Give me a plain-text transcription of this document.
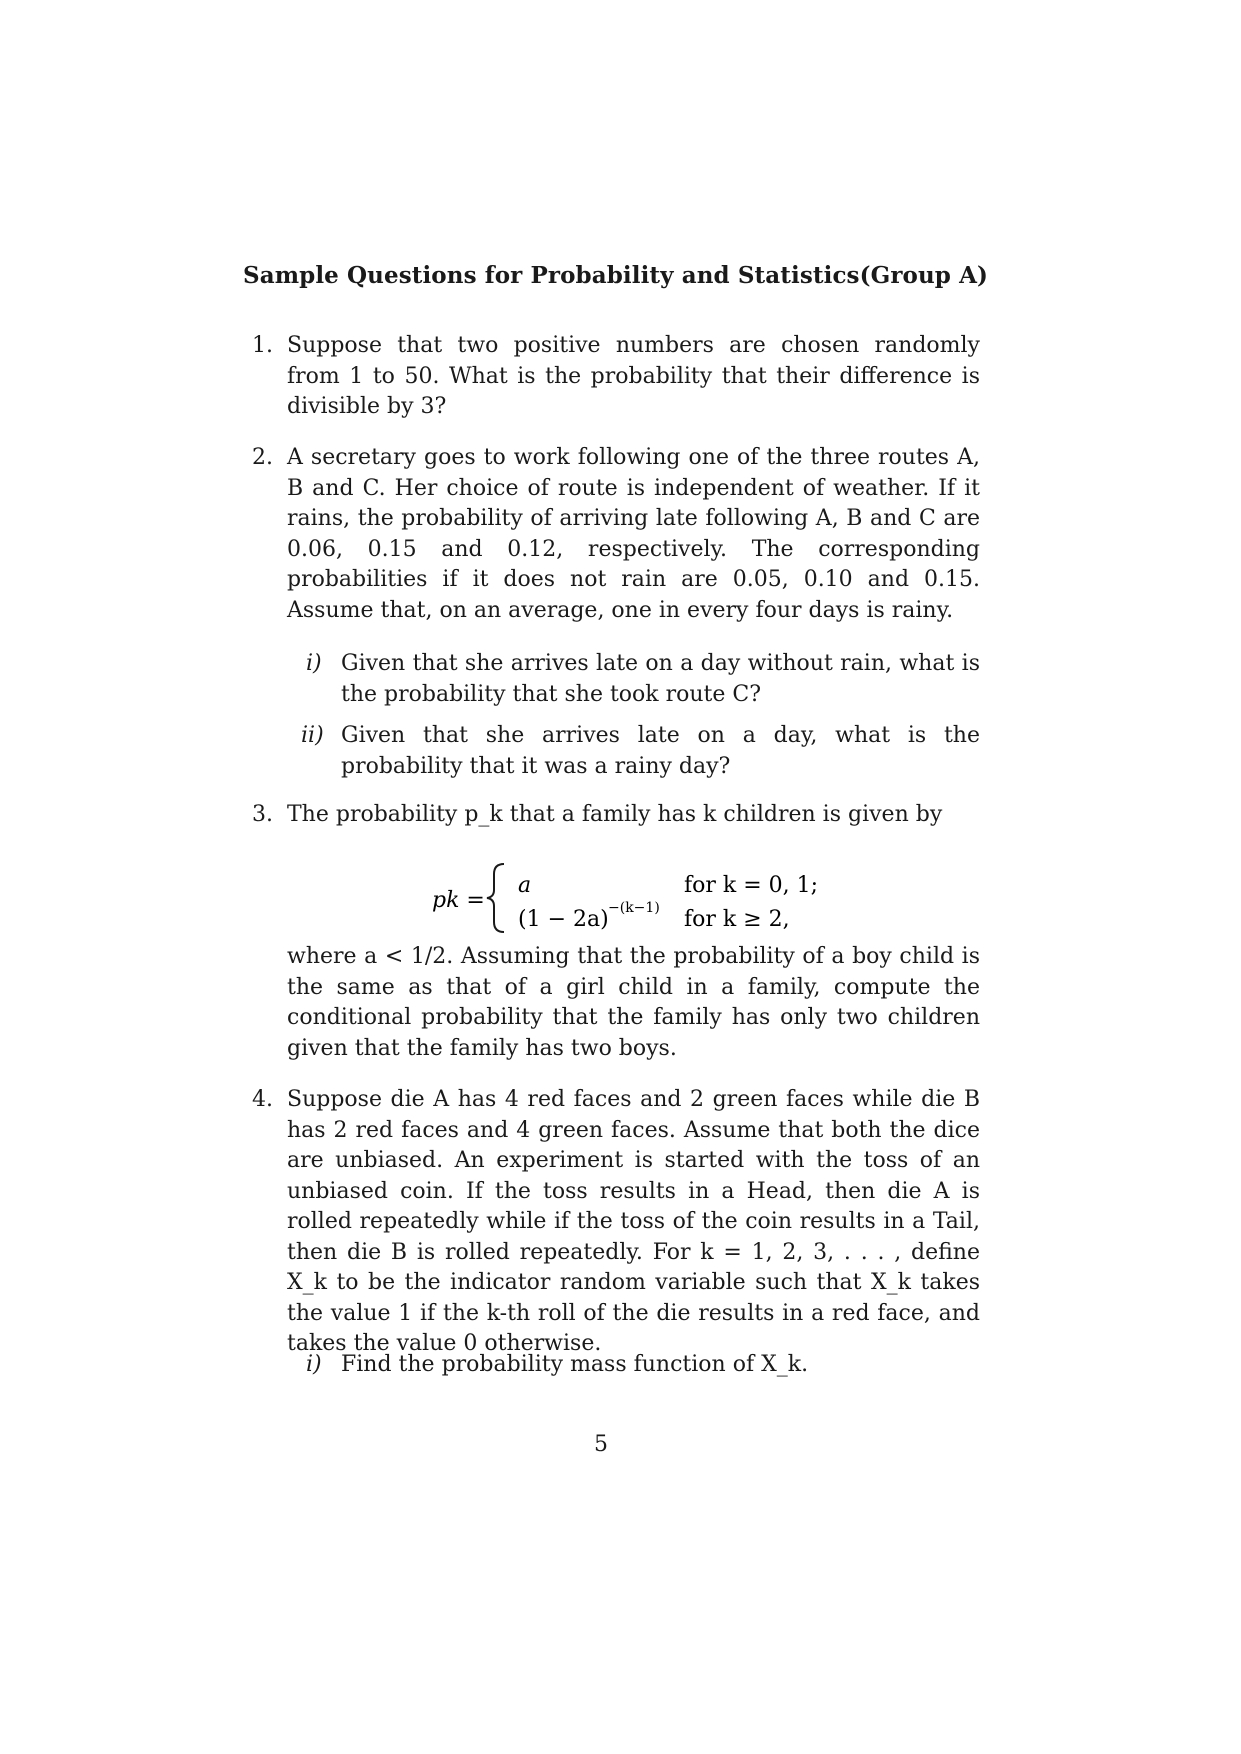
Sample Questions for Probability and Statistics(Group A)
1. Suppose that two positive numbers are chosen randomly from 1 to 50. What is the probability that their difference is divisible by 3?
2. A secretary goes to work following one of the three routes A, B and C. Her choice of route is independent of weather. If it rains, the probability of arriving late following A, B and C are 0.06, 0.15 and 0.12, respectively. The corresponding probabilities if it does not rain are 0.05, 0.10 and 0.15. Assume that, on an average, one in every four days is rainy.
i) Given that she arrives late on a day without rain, what is the probability that she took route C?
ii) Given that she arrives late on a day, what is the probability that it was a rainy day?
3. The probability p_k that a family has k children is given by
pk =
a	for k = 0, 1;
(1 − 2a) −(k−1) for k ≥ 2,
where a < 1/2. Assuming that the probability of a boy child is the same as that of a girl child in a family, compute the conditional probability that the family has only two children given that the family has two boys.
4. Suppose die A has 4 red faces and 2 green faces while die B has 2 red faces and 4 green faces. Assume that both the dice are unbiased. An experiment is started with the toss of an unbiased coin. If the toss results in a Head, then die A is rolled repeatedly while if the toss of the coin results in a Tail, then die B is rolled repeatedly. For k = 1, 2, 3, . . . , define X_k to be the indicator random variable such that X_k takes the value 1 if the k-th roll of the die results in a red face, and takes the value 0 otherwise.
i) Find the probability mass function of X_k.
5
